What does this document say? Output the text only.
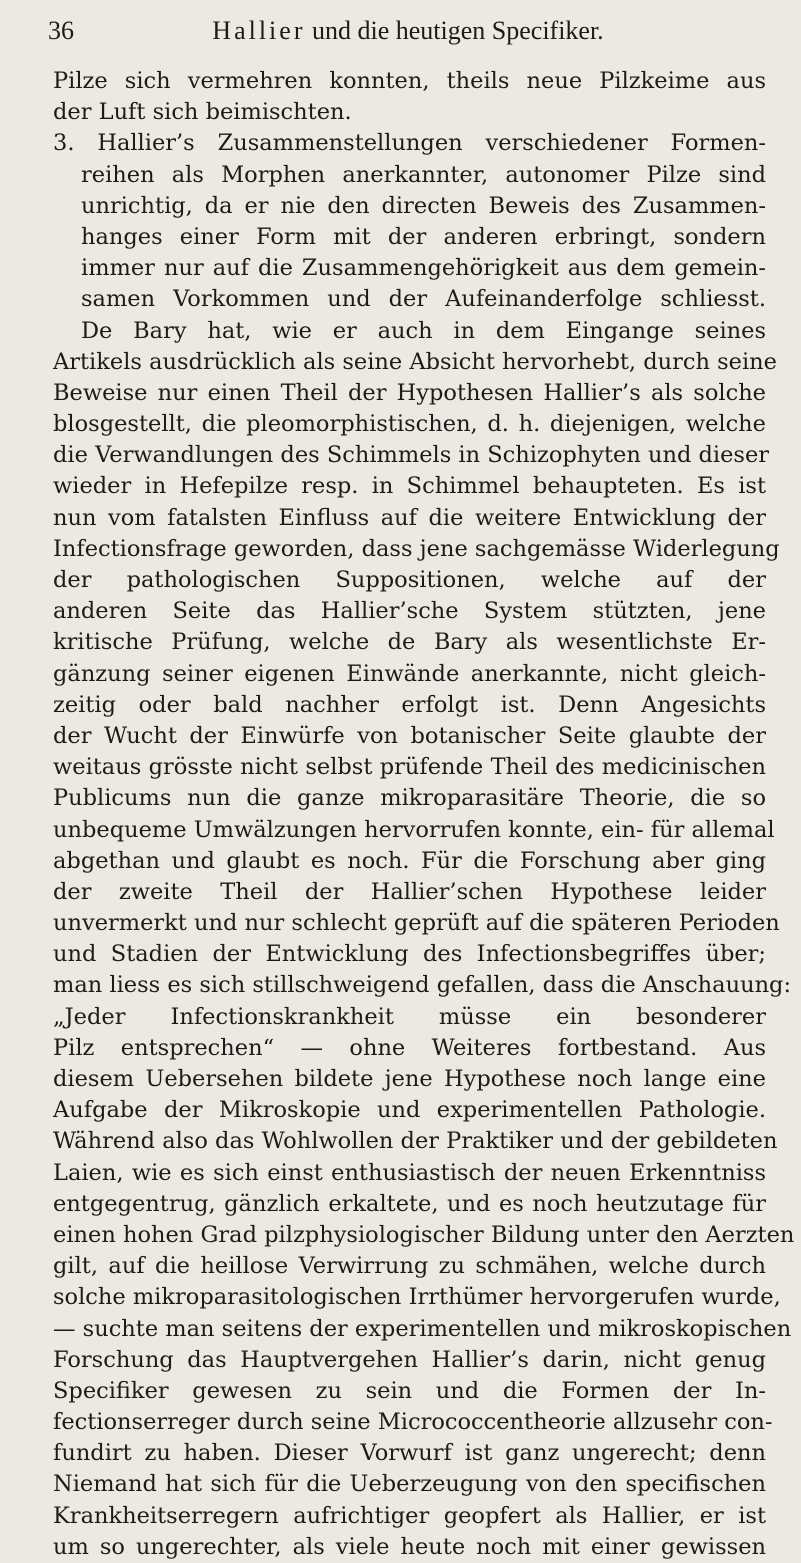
36	Hallier und die heutigen Specifiker.
Pilze sich vermehren konnten, theils neue Pilzkeime aus
der Luft sich beimischten.
3. Hallier’s Zusammenstellungen verschiedener Formen-
reihen als Morphen anerkannter, autonomer Pilze sind
unrichtig, da er nie den directen Beweis des Zusammen-
hanges einer Form mit der anderen erbringt, sondern
immer nur auf die Zusammengehörigkeit aus dem gemein-
samen Vorkommen und der Aufeinanderfolge schliesst.
De Bary hat, wie er auch in dem Eingange seines
Artikels ausdrücklich als seine Absicht hervorhebt, durch seine
Beweise nur einen Theil der Hypothesen Hallier’s als solche
blosgestellt, die pleomorphistischen, d. h. diejenigen, welche
die Verwandlungen des Schimmels in Schizophyten und dieser
wieder in Hefepilze resp. in Schimmel behaupteten. Es ist
nun vom fatalsten Einfluss auf die weitere Entwicklung der
Infectionsfrage geworden, dass jene sachgemässe Widerlegung
der pathologischen Suppositionen, welche auf der
anderen Seite das Hallier’sche System stützten, jene
kritische Prüfung, welche de Bary als wesentlichste Er-
gänzung seiner eigenen Einwände anerkannte, nicht gleich-
zeitig oder bald nachher erfolgt ist. Denn Angesichts
der Wucht der Einwürfe von botanischer Seite glaubte der
weitaus grösste nicht selbst prüfende Theil des medicinischen
Publicums nun die ganze mikroparasitäre Theorie, die so
unbequeme Umwälzungen hervorrufen konnte, ein- für allemal
abgethan und glaubt es noch. Für die Forschung aber ging
der zweite Theil der Hallier’schen Hypothese leider
unvermerkt und nur schlecht geprüft auf die späteren Perioden
und Stadien der Entwicklung des Infectionsbegriffes über;
man liess es sich stillschweigend gefallen, dass die Anschauung:
„Jeder Infectionskrankheit müsse ein besonderer
Pilz entsprechen“ — ohne Weiteres fortbestand. Aus
diesem Uebersehen bildete jene Hypothese noch lange eine
Aufgabe der Mikroskopie und experimentellen Pathologie.
Während also das Wohlwollen der Praktiker und der gebildeten
Laien, wie es sich einst enthusiastisch der neuen Erkenntniss
entgegentrug, gänzlich erkaltete, und es noch heutzutage für
einen hohen Grad pilzphysiologischer Bildung unter den Aerzten
gilt, auf die heillose Verwirrung zu schmähen, welche durch
solche mikroparasitologischen Irrthümer hervorgerufen wurde,
— suchte man seitens der experimentellen und mikroskopischen
Forschung das Hauptvergehen Hallier’s darin, nicht genug
Specifiker gewesen zu sein und die Formen der In-
fectionserreger durch seine Micrococcentheorie allzusehr con-
fundirt zu haben. Dieser Vorwurf ist ganz ungerecht; denn
Niemand hat sich für die Ueberzeugung von den specifischen
Krankheitserregern aufrichtiger geopfert als Hallier, er ist
um so ungerechter, als viele heute noch mit einer gewissen
